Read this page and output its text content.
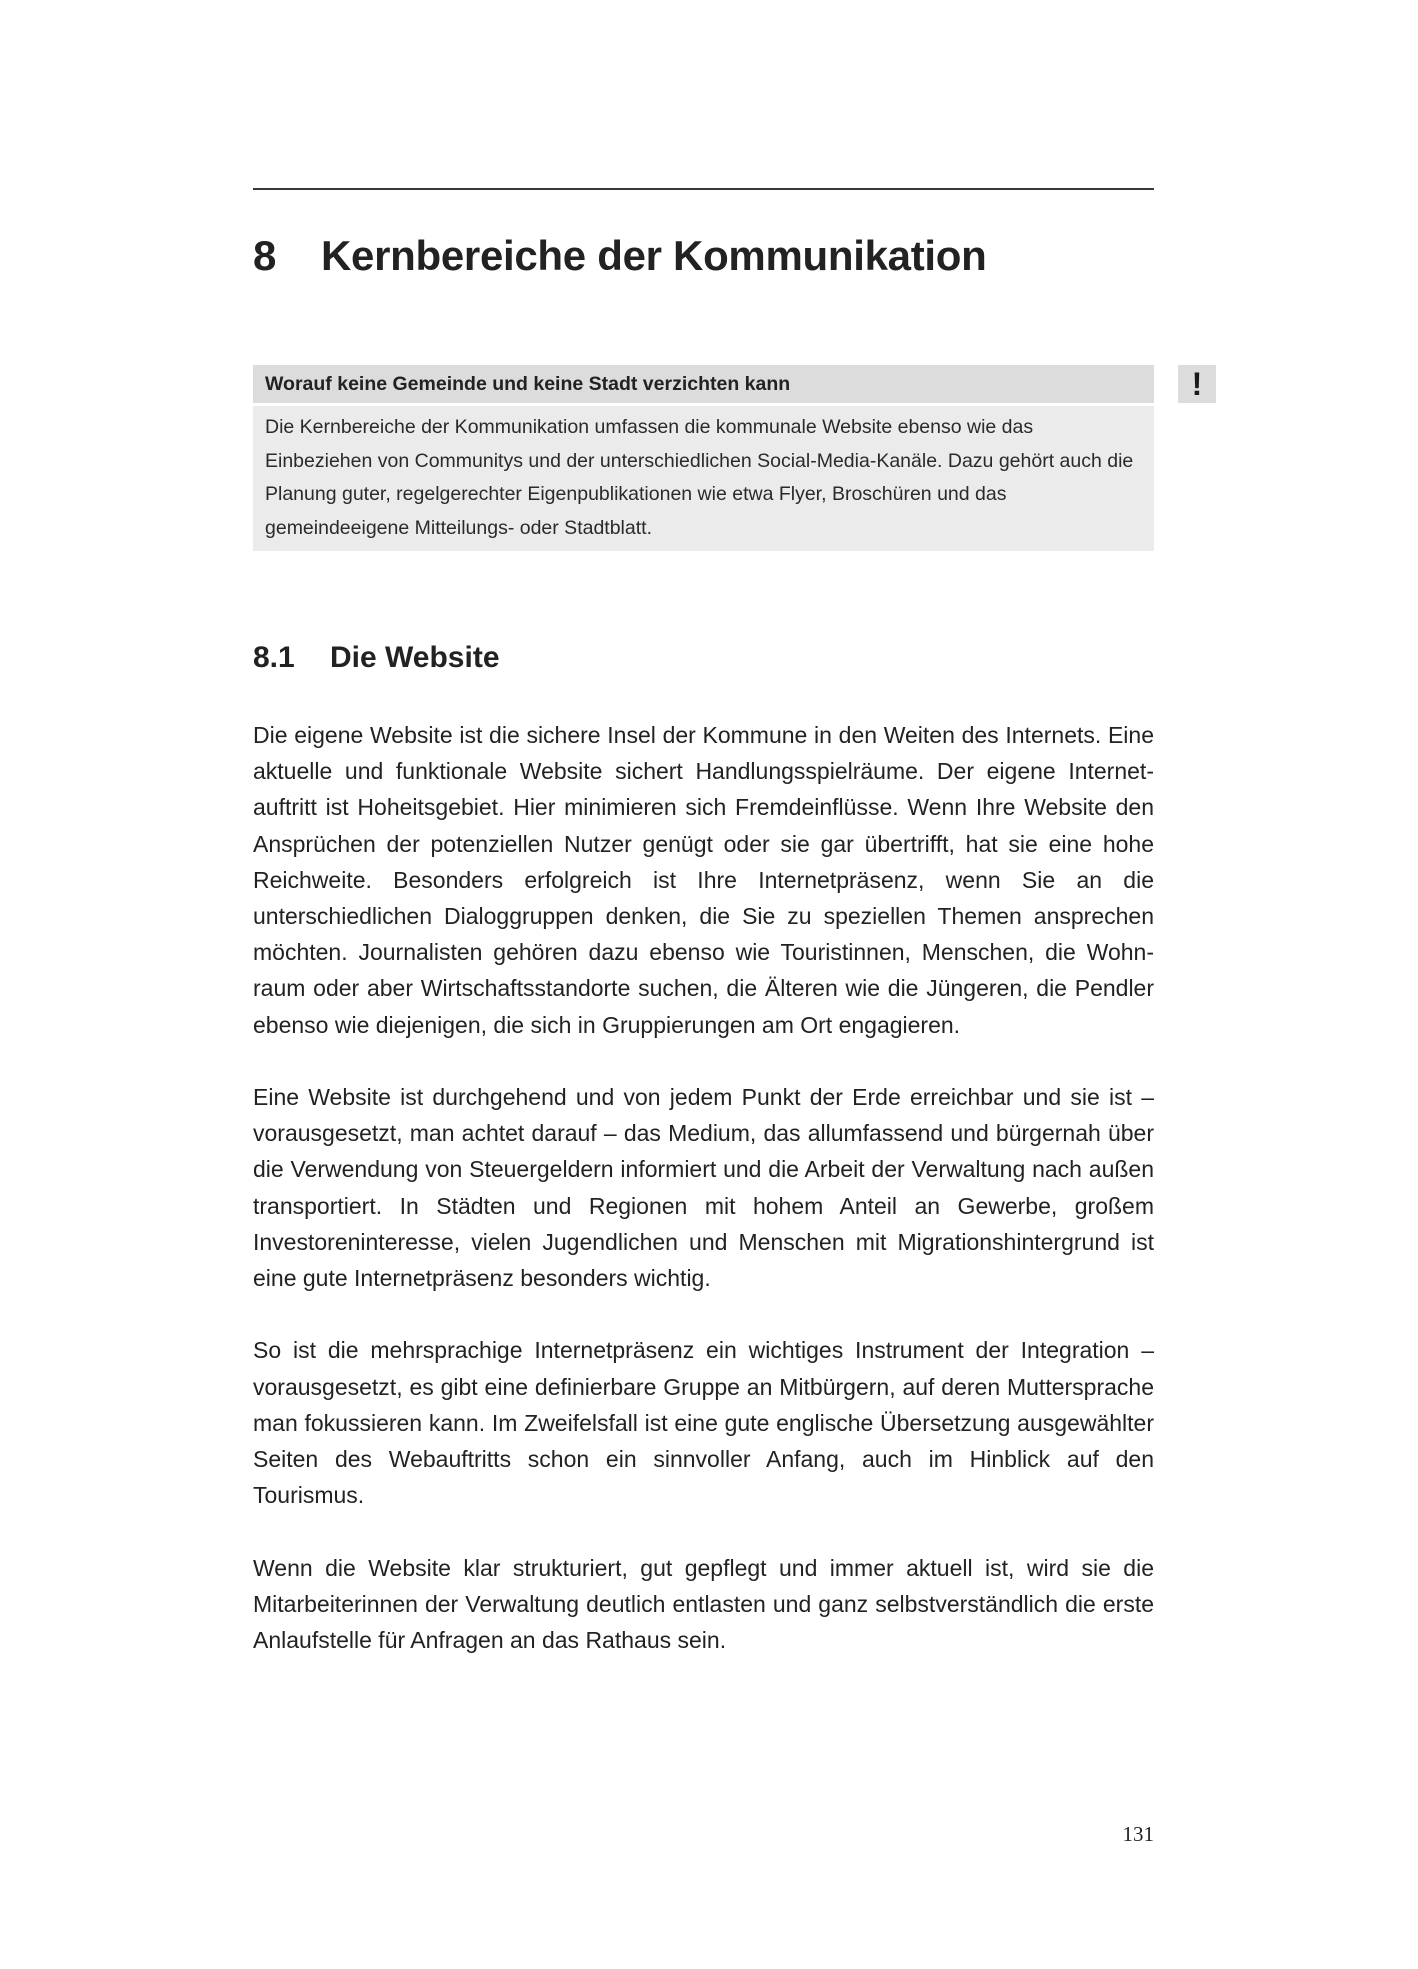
8 Kernbereiche der Kommunikation
Worauf keine Gemeinde und keine Stadt verzichten kann

Die Kernbereiche der Kommunikation umfassen die kommunale Website ebenso wie das Einbeziehen von Communitys und der unterschiedlichen Social-Media-Kanäle. Dazu gehört auch die Planung guter, regelgerechter Eigenpublikationen wie etwa Flyer, Broschüren und das gemeindeeigene Mitteilungs- oder Stadtblatt.

!
8.1 Die Website

Die eigene Website ist die sichere Insel der Kommune in den Weiten des Internets. Eine aktuelle und funktionale Website sichert Handlungsspielräume. Der eigene Internetauftritt ist Hoheitsgebiet. Hier minimieren sich Fremdeinflüsse. Wenn Ihre Website den Ansprüchen der potenziellen Nutzer genügt oder sie gar übertrifft, hat sie eine hohe Reichweite. Besonders erfolgreich ist Ihre Internetpräsenz, wenn Sie an die unterschiedlichen Dialoggruppen denken, die Sie zu speziellen Themen ansprechen möchten. Journalisten gehören dazu ebenso wie Touristinnen, Menschen, die Wohnraum oder aber Wirtschaftsstandorte suchen, die Älteren wie die Jüngeren, die Pendler ebenso wie diejenigen, die sich in Gruppierungen am Ort engagieren.

Eine Website ist durchgehend und von jedem Punkt der Erde erreichbar und sie ist – vorausgesetzt, man achtet darauf – das Medium, das allumfassend und bürgernah über die Verwendung von Steuergeldern informiert und die Arbeit der Verwaltung nach außen transportiert. In Städten und Regionen mit hohem Anteil an Gewerbe, großem Investoreninteresse, vielen Jugendlichen und Menschen mit Migrationshintergrund ist eine gute Internetpräsenz besonders wichtig.

So ist die mehrsprachige Internetpräsenz ein wichtiges Instrument der Integration – vorausgesetzt, es gibt eine definierbare Gruppe an Mitbürgern, auf deren Muttersprache man fokussieren kann. Im Zweifelsfall ist eine gute englische Übersetzung ausgewählter Seiten des Webauftritts schon ein sinnvoller Anfang, auch im Hinblick auf den Tourismus.

Wenn die Website klar strukturiert, gut gepflegt und immer aktuell ist, wird sie die Mitarbeiterinnen der Verwaltung deutlich entlasten und ganz selbstverständlich die erste Anlaufstelle für Anfragen an das Rathaus sein.

131
